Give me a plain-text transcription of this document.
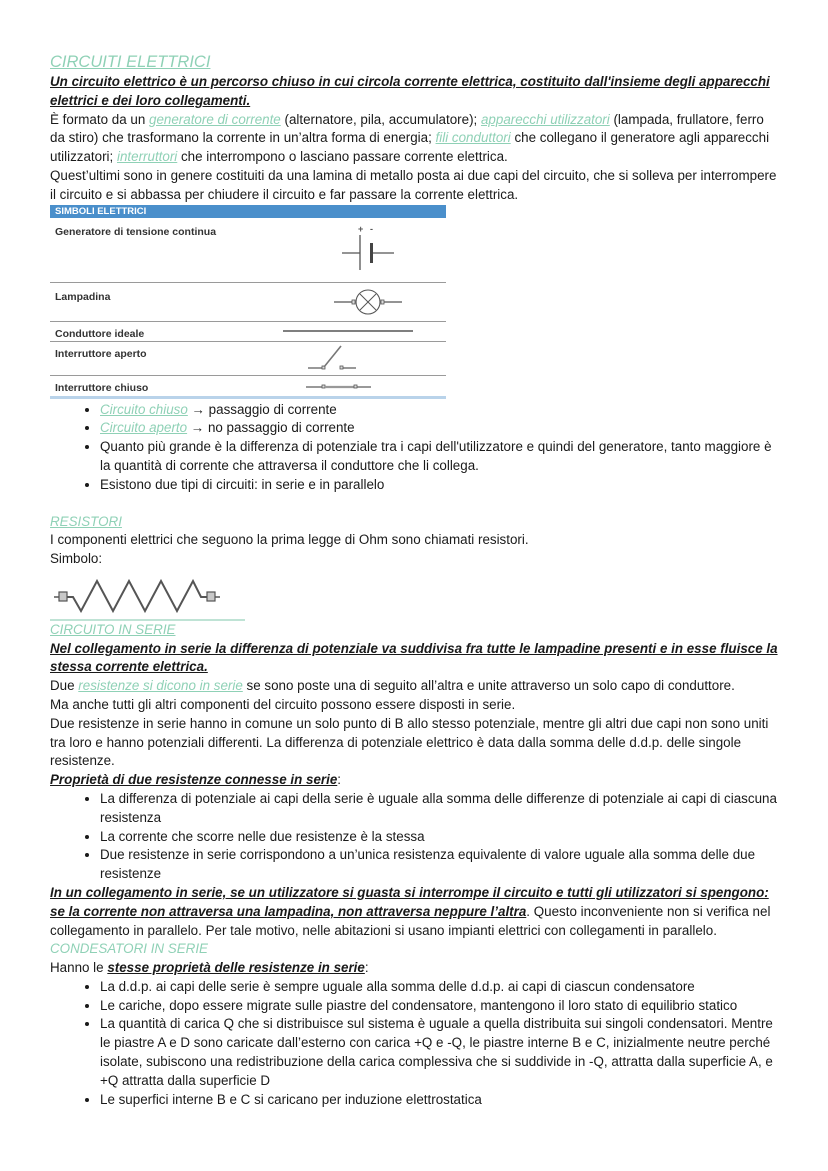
CIRCUITI ELETTRICI

Un circuito elettrico è un percorso chiuso in cui circola corrente elettrica, costituito dall'insieme degli apparecchi elettrici e dei loro collegamenti.

È formato da un generatore di corrente (alternatore, pila, accumulatore); apparecchi utilizzatori (lampada, frullatore, ferro da stiro) che trasformano la corrente in un’altra forma di energia; fili conduttori che collegano il generatore agli apparecchi utilizzatori; interruttori che interrompono o lasciano passare corrente elettrica.

Quest’ultimi sono in genere costituiti da una lamina di metallo posta ai due capi del circuito, che si solleva per interrompere il circuito e si abbassa per chiudere il circuito e far passare la corrente elettrica.

SIMBOLI ELETTRICI
Generatore di tensione continua	+ -
Lampadina
Conduttore ideale
Interruttore aperto
Interruttore chiuso
• Circuito chiuso → passaggio di corrente
• Circuito aperto → no passaggio di corrente
• Quanto più grande è la differenza di potenziale tra i capi dell'utilizzatore e quindi del generatore, tanto maggiore è la quantità di corrente che attraversa il conduttore che li collega.
• Esistono due tipi di circuiti: in serie e in parallelo
RESISTORI

I componenti elettrici che seguono la prima legge di Ohm sono chiamati resistori.

Simbolo:

CIRCUITO IN SERIE

Nel collegamento in serie la differenza di potenziale va suddivisa fra tutte le lampadine presenti e in esse fluisce la stessa corrente elettrica.

Due resistenze si dicono in serie se sono poste una di seguito all’altra e unite attraverso un solo capo di conduttore.

Ma anche tutti gli altri componenti del circuito possono essere disposti in serie.

Due resistenze in serie hanno in comune un solo punto di B allo stesso potenziale, mentre gli altri due capi non sono uniti tra loro e hanno potenziali differenti. La differenza di potenziale elettrico è data dalla somma delle d.d.p. delle singole resistenze.

Proprietà di due resistenze connesse in serie:

• La differenza di potenziale ai capi della serie è uguale alla somma delle differenze di potenziale ai capi di ciascuna resistenza
• La corrente che scorre nelle due resistenze è la stessa
• Due resistenze in serie corrispondono a un’unica resistenza equivalente di valore uguale alla somma delle due resistenze

In un collegamento in serie, se un utilizzatore si guasta si interrompe il circuito e tutti gli utilizzatori si spengono: se la corrente non attraversa una lampadina, non attraversa neppure l’altra. Questo inconveniente non si verifica nel collegamento in parallelo. Per tale motivo, nelle abitazioni si usano impianti elettrici con collegamenti in parallelo.

CONDESATORI IN SERIE

Hanno le stesse proprietà delle resistenze in serie:

• La d.d.p. ai capi delle serie è sempre uguale alla somma delle d.d.p. ai capi di ciascun condensatore
• Le cariche, dopo essere migrate sulle piastre del condensatore, mantengono il loro stato di equilibrio statico
• La quantità di carica Q che si distribuisce sul sistema è uguale a quella distribuita sui singoli condensatori. Mentre le piastre A e D sono caricate dall’esterno con carica +Q e -Q, le piastre interne B e C, inizialmente neutre perché isolate, subiscono una redistribuzione della carica complessiva che si suddivide in -Q, attratta dalla superficie A, e +Q attratta dalla superficie D
• Le superfici interne B e C si caricano per induzione elettrostatica
